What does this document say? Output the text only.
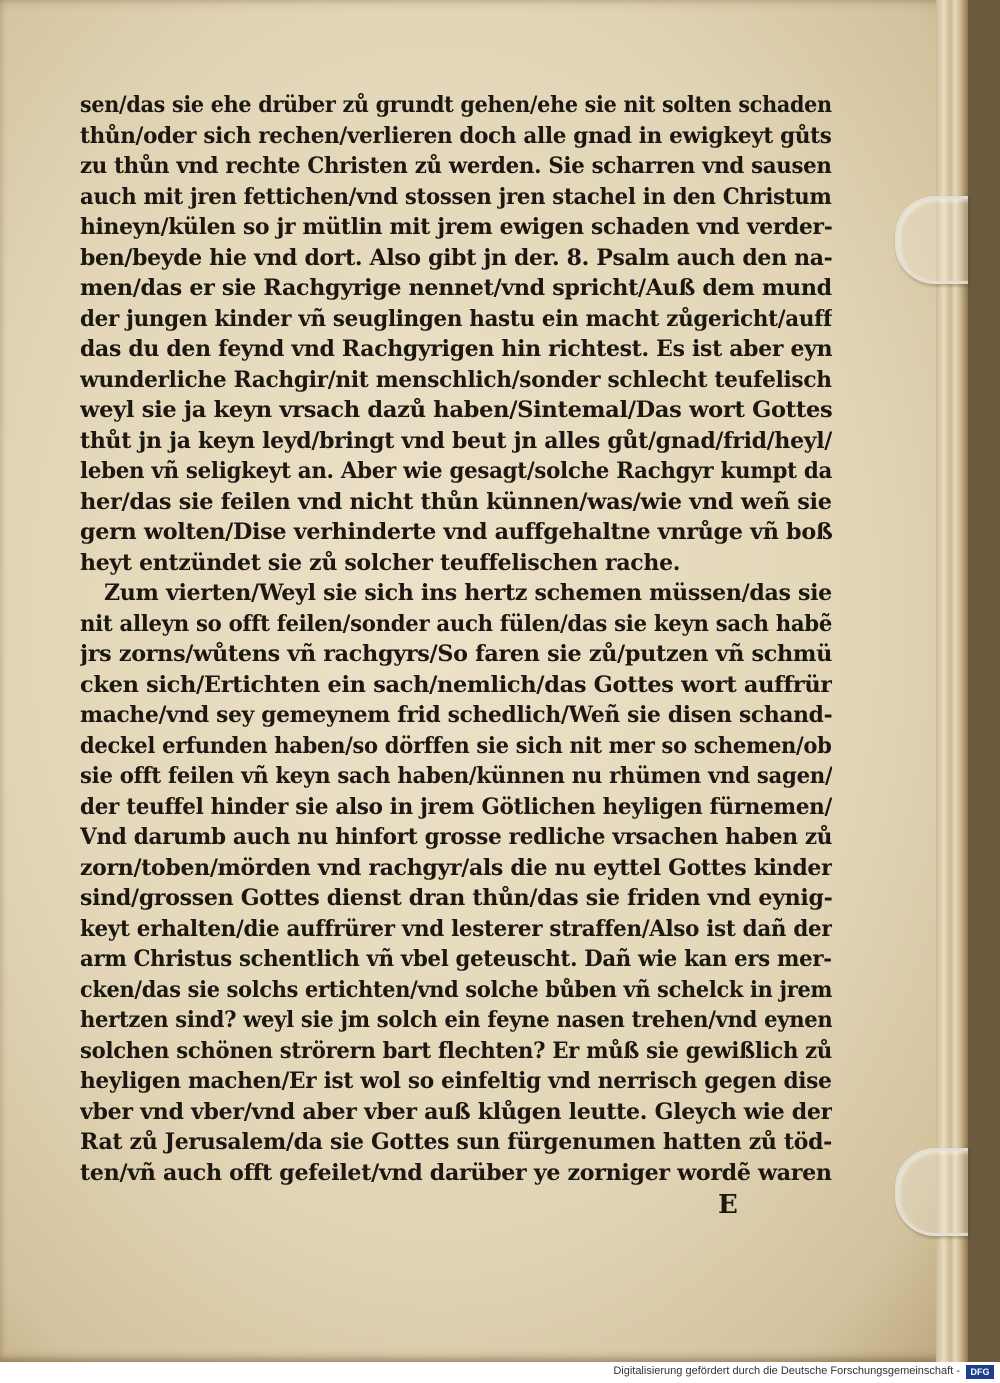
sen/das sie ehe drüber zů grundt gehen/ehe sie nit solten schaden
thůn/oder sich rechen/verlieren doch alle gnad in ewigkeyt gůts
zu thůn vnd rechte Christen zů werden. Sie scharren vnd sausen
auch mit jren fettichen/vnd stossen jren stachel in den Christum
hineyn/külen so jr mütlin mit jrem ewigen schaden vnd verder-
ben/beyde hie vnd dort. Also gibt jn der. 8. Psalm auch den na-
men/das er sie Rachgyrige nennet/vnd spricht/Auß dem mund
der jungen kinder vñ seuglingen hastu ein macht zůgericht/auff
das du den feynd vnd Rachgyrigen hin richtest. Es ist aber eyn
wunderliche Rachgir/nit menschlich/sonder schlecht teufelisch
weyl sie ja keyn vrsach dazů haben/Sintemal/Das wort Gottes
thůt jn ja keyn leyd/bringt vnd beut jn alles gůt/gnad/frid/heyl/
leben vñ seligkeyt an. Aber wie gesagt/solche Rachgyr kumpt da
her/das sie feilen vnd nicht thůn künnen/was/wie vnd weñ sie
gern wolten/Dise verhinderte vnd auffgehaltne vnrůge vñ boß
heyt entzündet sie zů solcher teuffelischen rache.
Zum vierten/Weyl sie sich ins hertz schemen müssen/das sie
nit alleyn so offt feilen/sonder auch fülen/das sie keyn sach habẽ
jrs zorns/wůtens vñ rachgyrs/So faren sie zů/putzen vñ schmü
cken sich/Ertichten ein sach/nemlich/das Gottes wort auffrür
mache/vnd sey gemeynem frid schedlich/Weñ sie disen schand-
deckel erfunden haben/so dörffen sie sich nit mer so schemen/ob
sie offt feilen vñ keyn sach haben/künnen nu rhümen vnd sagen/
der teuffel hinder sie also in jrem Götlichen heyligen fürnemen/
Vnd darumb auch nu hinfort grosse redliche vrsachen haben zů
zorn/toben/mörden vnd rachgyr/als die nu eyttel Gottes kinder
sind/grossen Gottes dienst dran thůn/das sie friden vnd eynig-
keyt erhalten/die auffrürer vnd lesterer straffen/Also ist dañ der
arm Christus schentlich vñ vbel geteuscht. Dañ wie kan ers mer-
cken/das sie solchs ertichten/vnd solche bůben vñ schelck in jrem
hertzen sind? weyl sie jm solch ein feyne nasen trehen/vnd eynen
solchen schönen strörern bart flechten? Er můß sie gewißlich zů
heyligen machen/Er ist wol so einfeltig vnd nerrisch gegen dise
vber vnd vber/vnd aber vber auß klůgen leutte. Gleych wie der
Rat zů Jerusalem/da sie Gottes sun fürgenumen hatten zů töd-
ten/vñ auch offt gefeilet/vnd darüber ye zorniger wordẽ waren
E
Digitalisierung gefördert durch die Deutsche Forschungsgemeinschaft -	DFG
